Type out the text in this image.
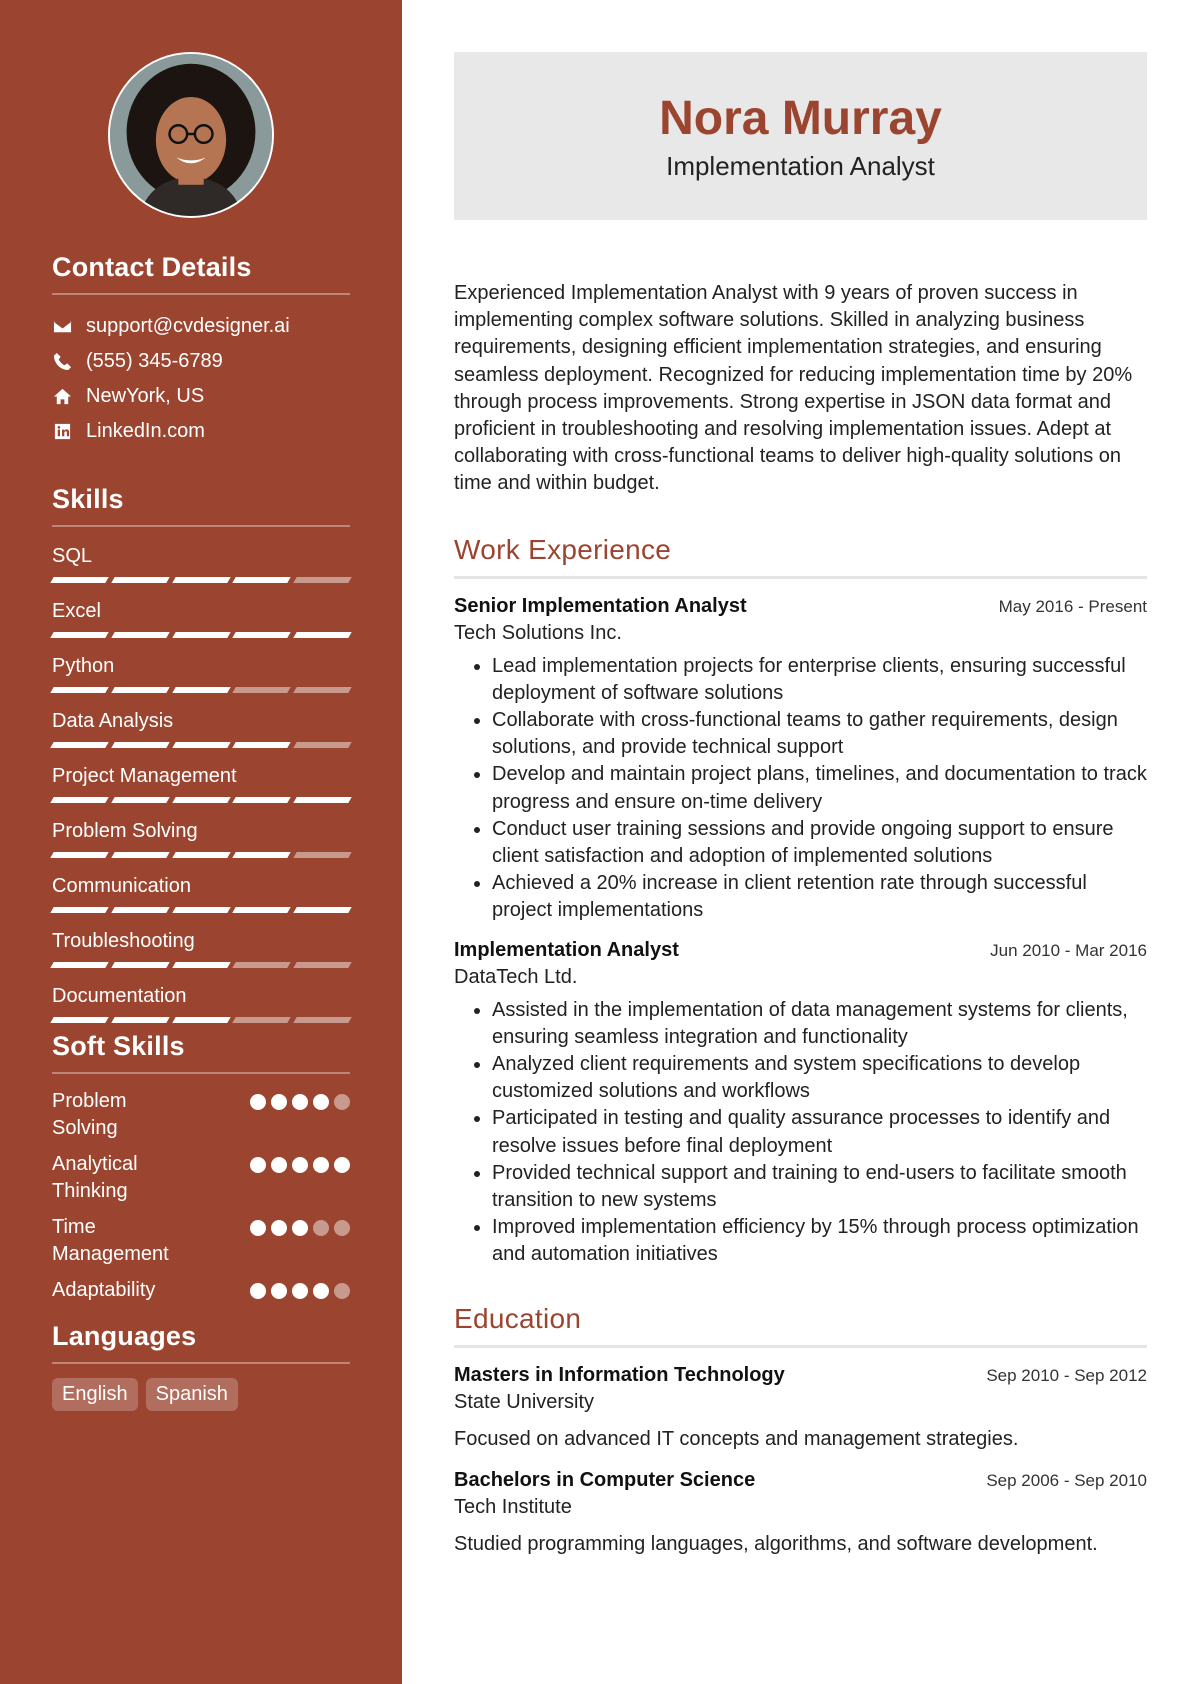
Contact Details
support@cvdesigner.ai
(555) 345-6789
NewYork, US
LinkedIn.com
Skills
SQL
Excel
Python
Data Analysis
Project Management
Problem Solving
Communication
Troubleshooting
Documentation
Soft Skills
Problem Solving
Analytical Thinking
Time Management
Adaptability
Languages
English	Spanish
Nora Murray
Implementation Analyst

Experienced Implementation Analyst with 9 years of proven success in implementing complex software solutions. Skilled in analyzing business requirements, designing efficient implementation strategies, and ensuring seamless deployment. Recognized for reducing implementation time by 20% through process improvements. Strong expertise in JSON data format and proficient in troubleshooting and resolving implementation issues. Adept at collaborating with cross-functional teams to deliver high-quality solutions on time and within budget.

Work Experience
Senior Implementation Analyst	May 2016 - Present
Tech Solutions Inc.
• Lead implementation projects for enterprise clients, ensuring successful deployment of software solutions
• Collaborate with cross-functional teams to gather requirements, design solutions, and provide technical support
• Develop and maintain project plans, timelines, and documentation to track progress and ensure on-time delivery
• Conduct user training sessions and provide ongoing support to ensure client satisfaction and adoption of implemented solutions
• Achieved a 20% increase in client retention rate through successful project implementations
Implementation Analyst	Jun 2010 - Mar 2016
DataTech Ltd.
• Assisted in the implementation of data management systems for clients, ensuring seamless integration and functionality
• Analyzed client requirements and system specifications to develop customized solutions and workflows
• Participated in testing and quality assurance processes to identify and resolve issues before final deployment
• Provided technical support and training to end-users to facilitate smooth transition to new systems
• Improved implementation efficiency by 15% through process optimization and automation initiatives
Education
Masters in Information Technology	Sep 2010 - Sep 2012
State University
Focused on advanced IT concepts and management strategies.
Bachelors in Computer Science	Sep 2006 - Sep 2010
Tech Institute
Studied programming languages, algorithms, and software development.
